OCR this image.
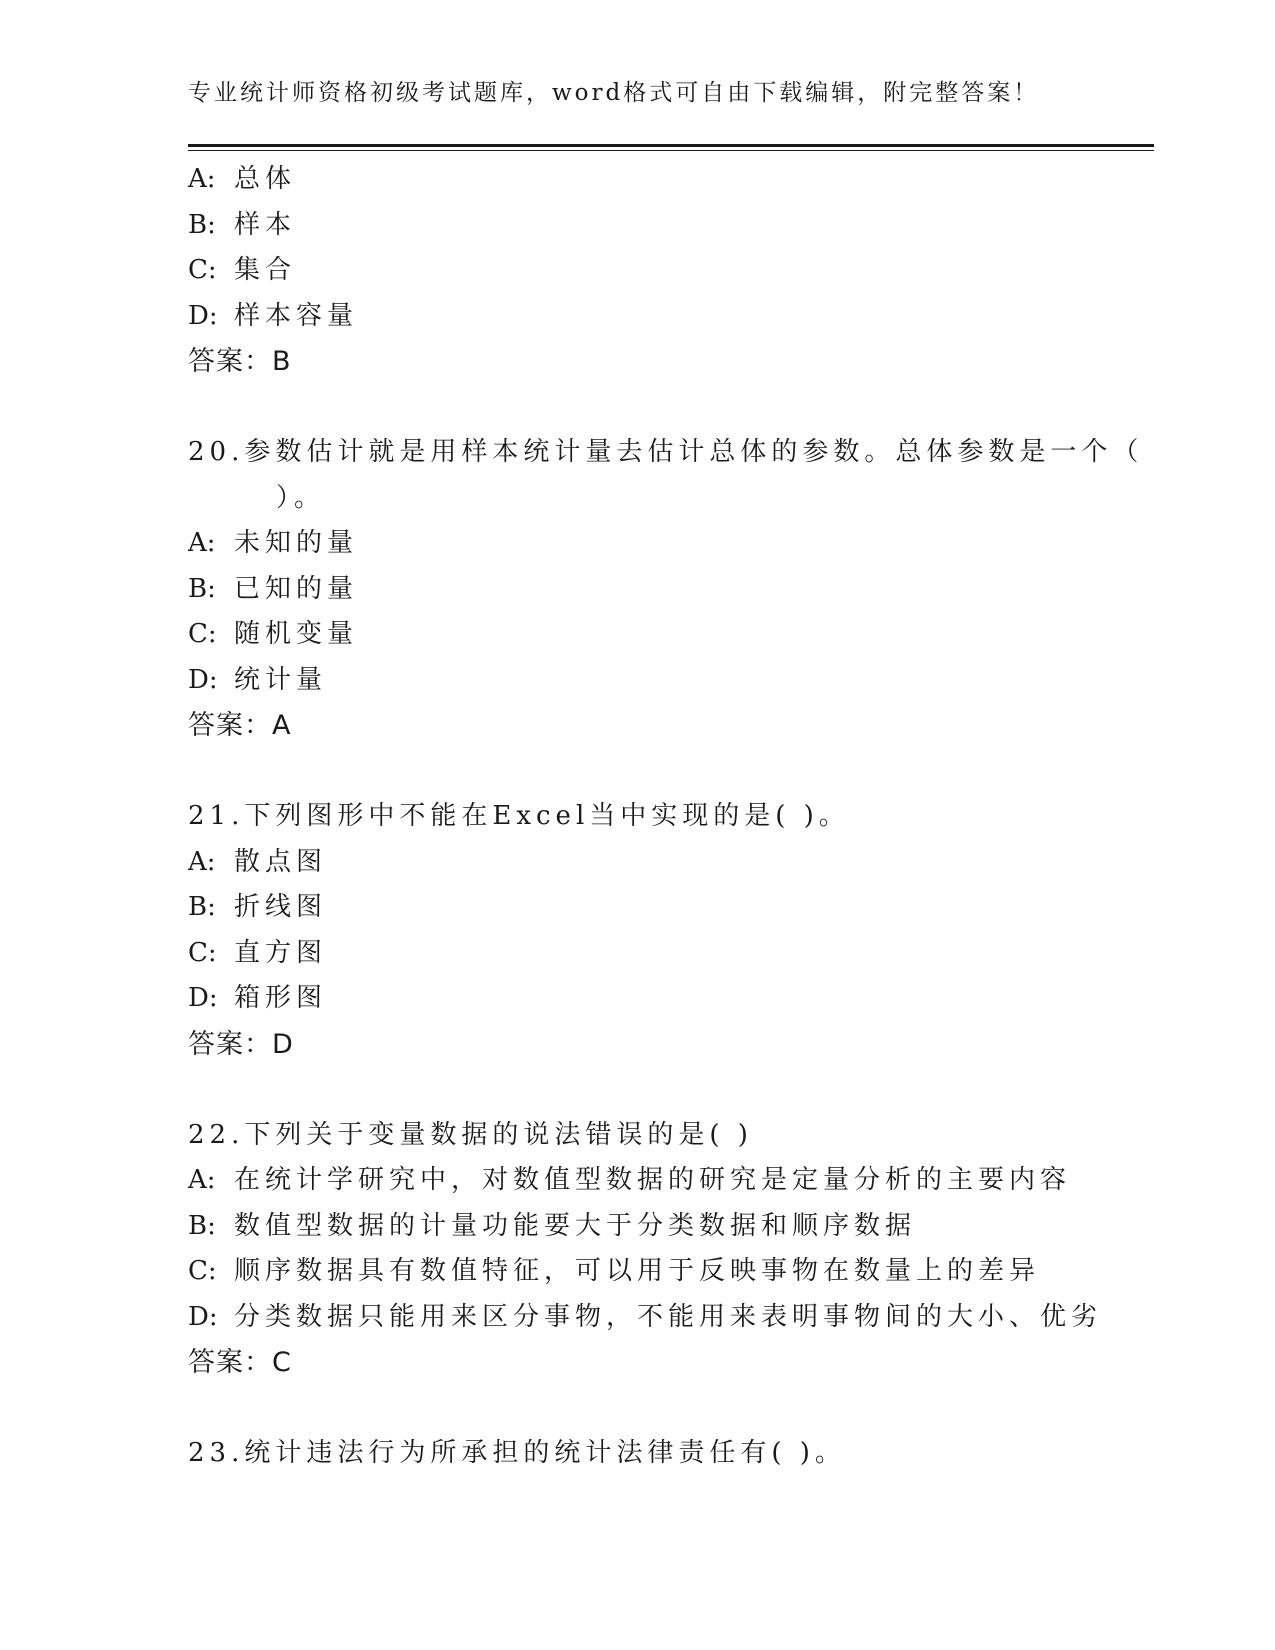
专业统计师资格初级考试题库，word格式可自由下载编辑，附完整答案！
A: 总体
B: 样本
C: 集合
D: 样本容量
答案：B
20.参数估计就是用样本统计量去估计总体的参数。总体参数是一个（
）。
A: 未知的量
B: 已知的量
C: 随机变量
D: 统计量
答案：A
21.下列图形中不能在Excel当中实现的是( )。
A: 散点图
B: 折线图
C: 直方图
D: 箱形图
答案：D
22.下列关于变量数据的说法错误的是( )
A: 在统计学研究中，对数值型数据的研究是定量分析的主要内容
B: 数值型数据的计量功能要大于分类数据和顺序数据
C: 顺序数据具有数值特征，可以用于反映事物在数量上的差异
D: 分类数据只能用来区分事物，不能用来表明事物间的大小、优劣
答案：C
23.统计违法行为所承担的统计法律责任有( )。
